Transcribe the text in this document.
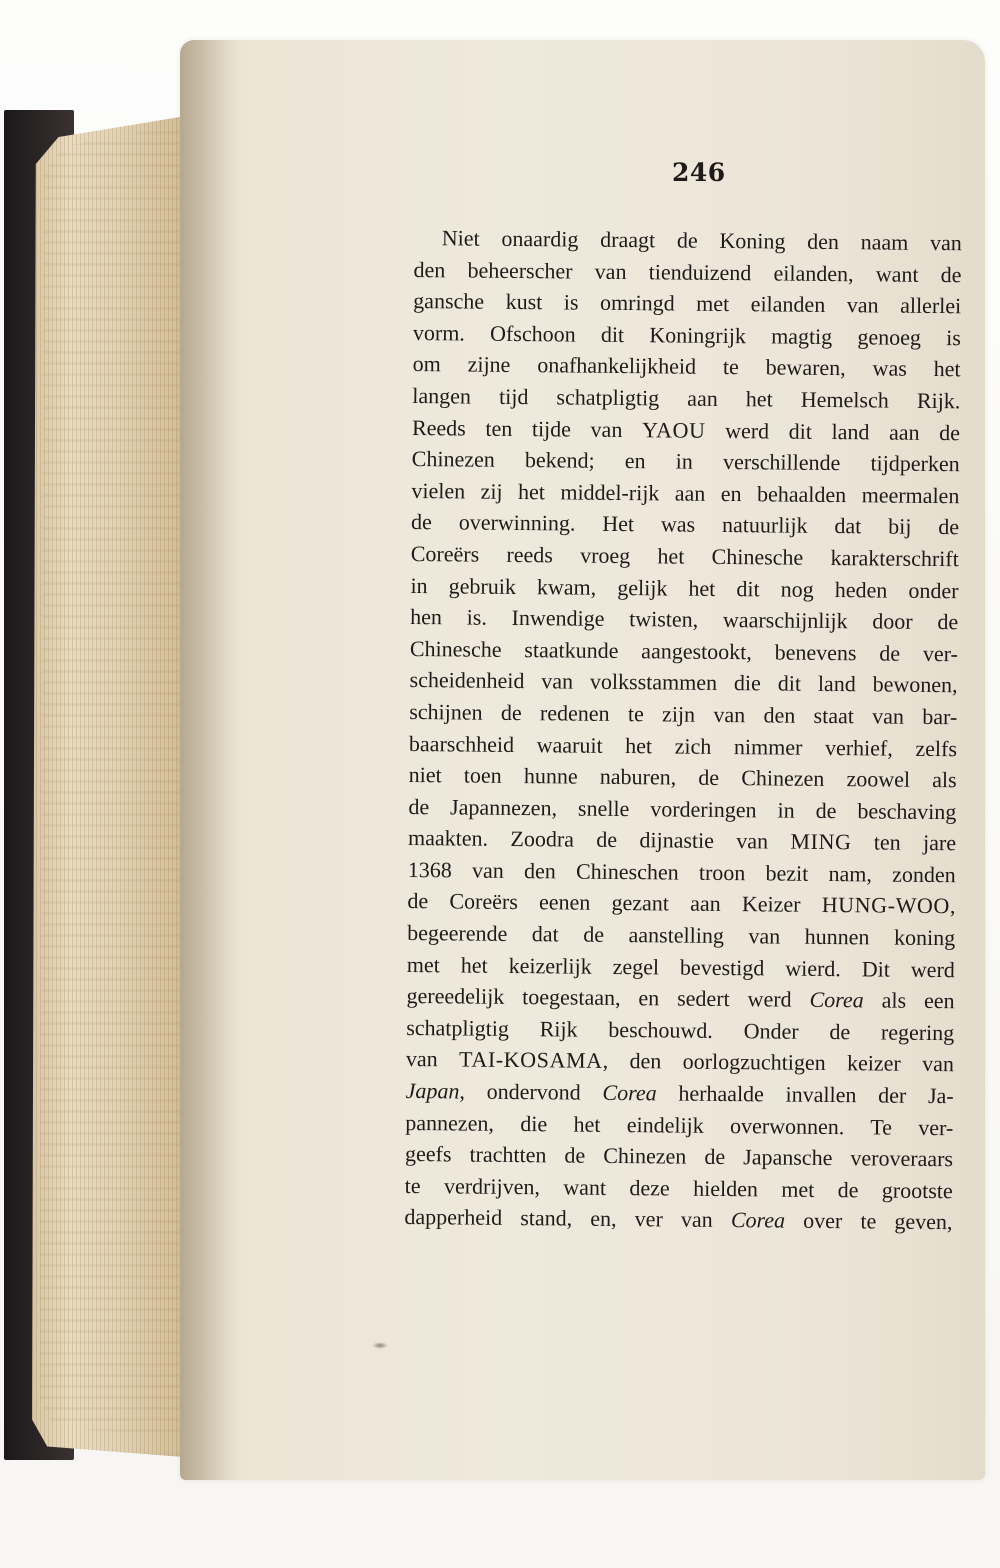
246
Niet onaardig draagt de Koning den naam van
den beheerscher van tienduizend eilanden, want de
gansche kust is omringd met eilanden van allerlei
vorm. Ofschoon dit Koningrijk magtig genoeg is
om zijne onafhankelijkheid te bewaren, was het
langen tijd schatpligtig aan het Hemelsch Rijk.
Reeds ten tijde van YAOU werd dit land aan de
Chinezen bekend; en in verschillende tijdperken
vielen zij het middel-rijk aan en behaalden meermalen
de overwinning. Het was natuurlijk dat bij de
Coreërs reeds vroeg het Chinesche karakterschrift
in gebruik kwam, gelijk het dit nog heden onder
hen is. Inwendige twisten, waarschijnlijk door de
Chinesche staatkunde aangestookt, benevens de ver-
scheidenheid van volksstammen die dit land bewonen,
schijnen de redenen te zijn van den staat van bar-
baarschheid waaruit het zich nimmer verhief, zelfs
niet toen hunne naburen, de Chinezen zoowel als
de Japannezen, snelle vorderingen in de beschaving
maakten. Zoodra de dijnastie van MING ten jare
1368 van den Chineschen troon bezit nam, zonden
de Coreërs eenen gezant aan Keizer HUNG-WOO,
begeerende dat de aanstelling van hunnen koning
met het keizerlijk zegel bevestigd wierd. Dit werd
gereedelijk toegestaan, en sedert werd Corea als een
schatpligtig Rijk beschouwd. Onder de regering
van TAI-KOSAMA, den oorlogzuchtigen keizer van
Japan, ondervond Corea herhaalde invallen der Ja-
pannezen, die het eindelijk overwonnen. Te ver-
geefs trachtten de Chinezen de Japansche veroveraars
te verdrijven, want deze hielden met de grootste
dapperheid stand, en, ver van Corea over te geven,
